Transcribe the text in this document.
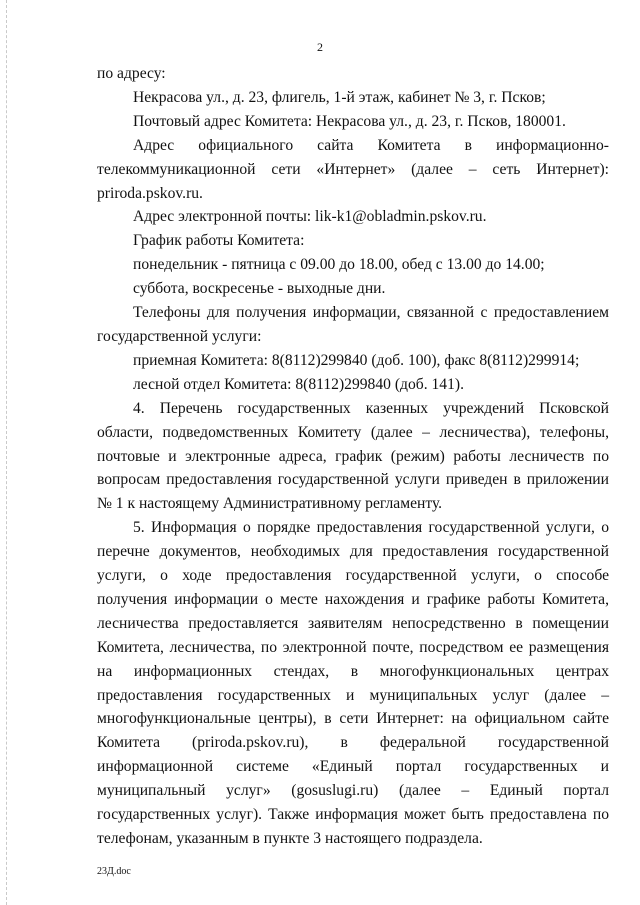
2

по адресу:

Некрасова ул., д. 23, флигель, 1-й этаж, кабинет № 3, г. Псков;

Почтовый адрес Комитета: Некрасова ул., д. 23, г. Псков, 180001.

Адрес официального сайта Комитета в информационно-телекоммуникационной сети «Интернет» (далее – сеть Интернет): priroda.pskov.ru.

Адрес электронной почты: lik-k1@obladmin.pskov.ru.

График работы Комитета:

понедельник - пятница с 09.00 до 18.00, обед с 13.00 до 14.00;

суббота, воскресенье - выходные дни.

Телефоны для получения информации, связанной с предоставлением государственной услуги:

приемная Комитета: 8(8112)299840 (доб. 100), факс 8(8112)299914;

лесной отдел Комитета: 8(8112)299840 (доб. 141).

4. Перечень государственных казенных учреждений Псковской области, подведомственных Комитету (далее – лесничества), телефоны, почтовые и электронные адреса, график (режим) работы лесничеств по вопросам предоставления государственной услуги приведен в приложении № 1 к настоящему Административному регламенту.

5. Информация о порядке предоставления государственной услуги, о перечне документов, необходимых для предоставления государственной услуги, о ходе предоставления государственной услуги, о способе получения информации о месте нахождения и графике работы Комитета, лесничества предоставляется заявителям непосредственно в помещении Комитета, лесничества, по электронной почте, посредством ее размещения на информационных стендах, в многофункциональных центрах предоставления государственных и муниципальных услуг (далее – многофункциональные центры), в сети Интернет: на официальном сайте Комитета (priroda.pskov.ru), в федеральной государственной информационной системе «Единый портал государственных и муниципальный услуг» (gosuslugi.ru) (далее – Единый портал государственных услуг). Также информация может быть предоставлена по телефонам, указанным в пункте 3 настоящего подраздела.

23Д.doc
